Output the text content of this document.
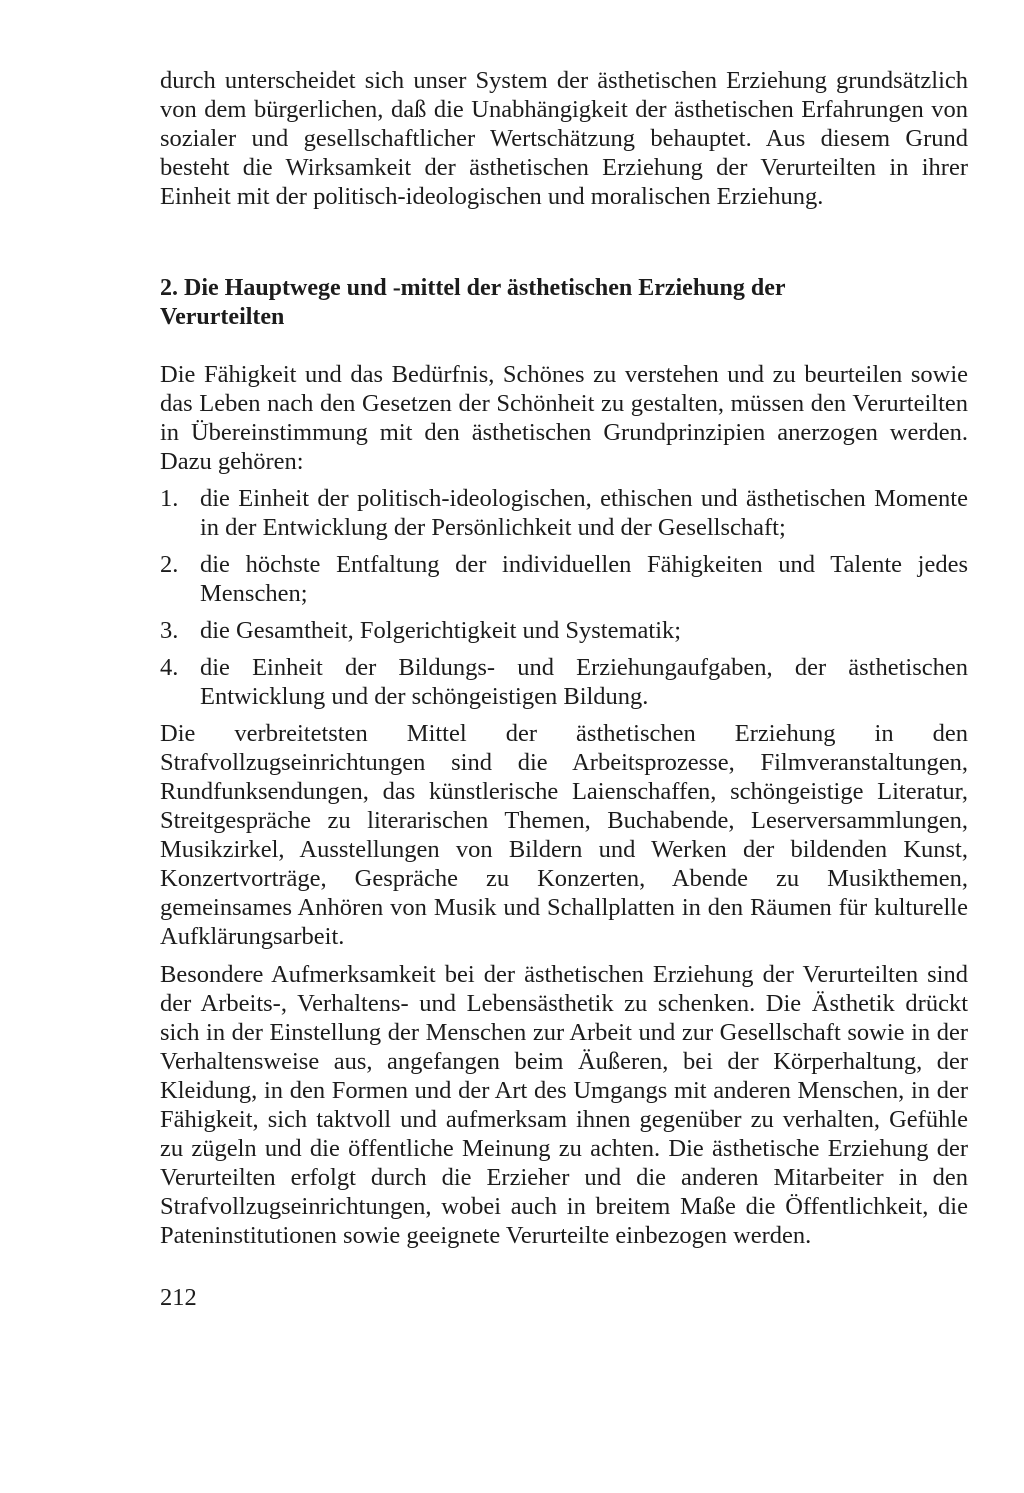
durch unterscheidet sich unser System der ästhetischen Erziehung grundsätzlich von dem bürgerlichen, daß die Unabhängigkeit der ästhetischen Erfahrungen von sozialer und gesellschaftlicher Wertschätzung behauptet. Aus diesem Grund besteht die Wirksamkeit der ästhetischen Erziehung der Verurteilten in ihrer Einheit mit der politisch-ideologischen und moralischen Erziehung.

2. Die Hauptwege und -mittel der ästhetischen Erziehung der Verurteilten

Die Fähigkeit und das Bedürfnis, Schönes zu verstehen und zu beurteilen sowie das Leben nach den Gesetzen der Schönheit zu gestalten, müssen den Verurteilten in Übereinstimmung mit den ästhetischen Grundprinzipien anerzogen werden. Dazu gehören:

1. die Einheit der politisch-ideologischen, ethischen und ästhetischen Momente in der Entwicklung der Persönlichkeit und der Gesellschaft;
2. die höchste Entfaltung der individuellen Fähigkeiten und Talente jedes Menschen;
3. die Gesamtheit, Folgerichtigkeit und Systematik;
4. die Einheit der Bildungs- und Erziehungaufgaben, der ästhetischen Entwicklung und der schöngeistigen Bildung.

Die verbreitetsten Mittel der ästhetischen Erziehung in den Strafvollzugseinrichtungen sind die Arbeitsprozesse, Filmveranstaltungen, Rundfunksendungen, das künstlerische Laienschaffen, schöngeistige Literatur, Streitgespräche zu literarischen Themen, Buchabende, Leserversammlungen, Musikzirkel, Ausstellungen von Bildern und Werken der bildenden Kunst, Konzertvorträge, Gespräche zu Konzerten, Abende zu Musikthemen, gemeinsames Anhören von Musik und Schallplatten in den Räumen für kulturelle Aufklärungsarbeit.

Besondere Aufmerksamkeit bei der ästhetischen Erziehung der Verurteilten sind der Arbeits-, Verhaltens- und Lebensästhetik zu schenken. Die Ästhetik drückt sich in der Einstellung der Menschen zur Arbeit und zur Gesellschaft sowie in der Verhaltensweise aus, angefangen beim Äußeren, bei der Körperhaltung, der Kleidung, in den Formen und der Art des Umgangs mit anderen Menschen, in der Fähigkeit, sich taktvoll und aufmerksam ihnen gegenüber zu verhalten, Gefühle zu zügeln und die öffentliche Meinung zu achten. Die ästhetische Erziehung der Verurteilten erfolgt durch die Erzieher und die anderen Mitarbeiter in den Strafvollzugseinrichtungen, wobei auch in breitem Maße die Öffentlichkeit, die Pateninstitutionen sowie geeignete Verurteilte einbezogen werden.

212
